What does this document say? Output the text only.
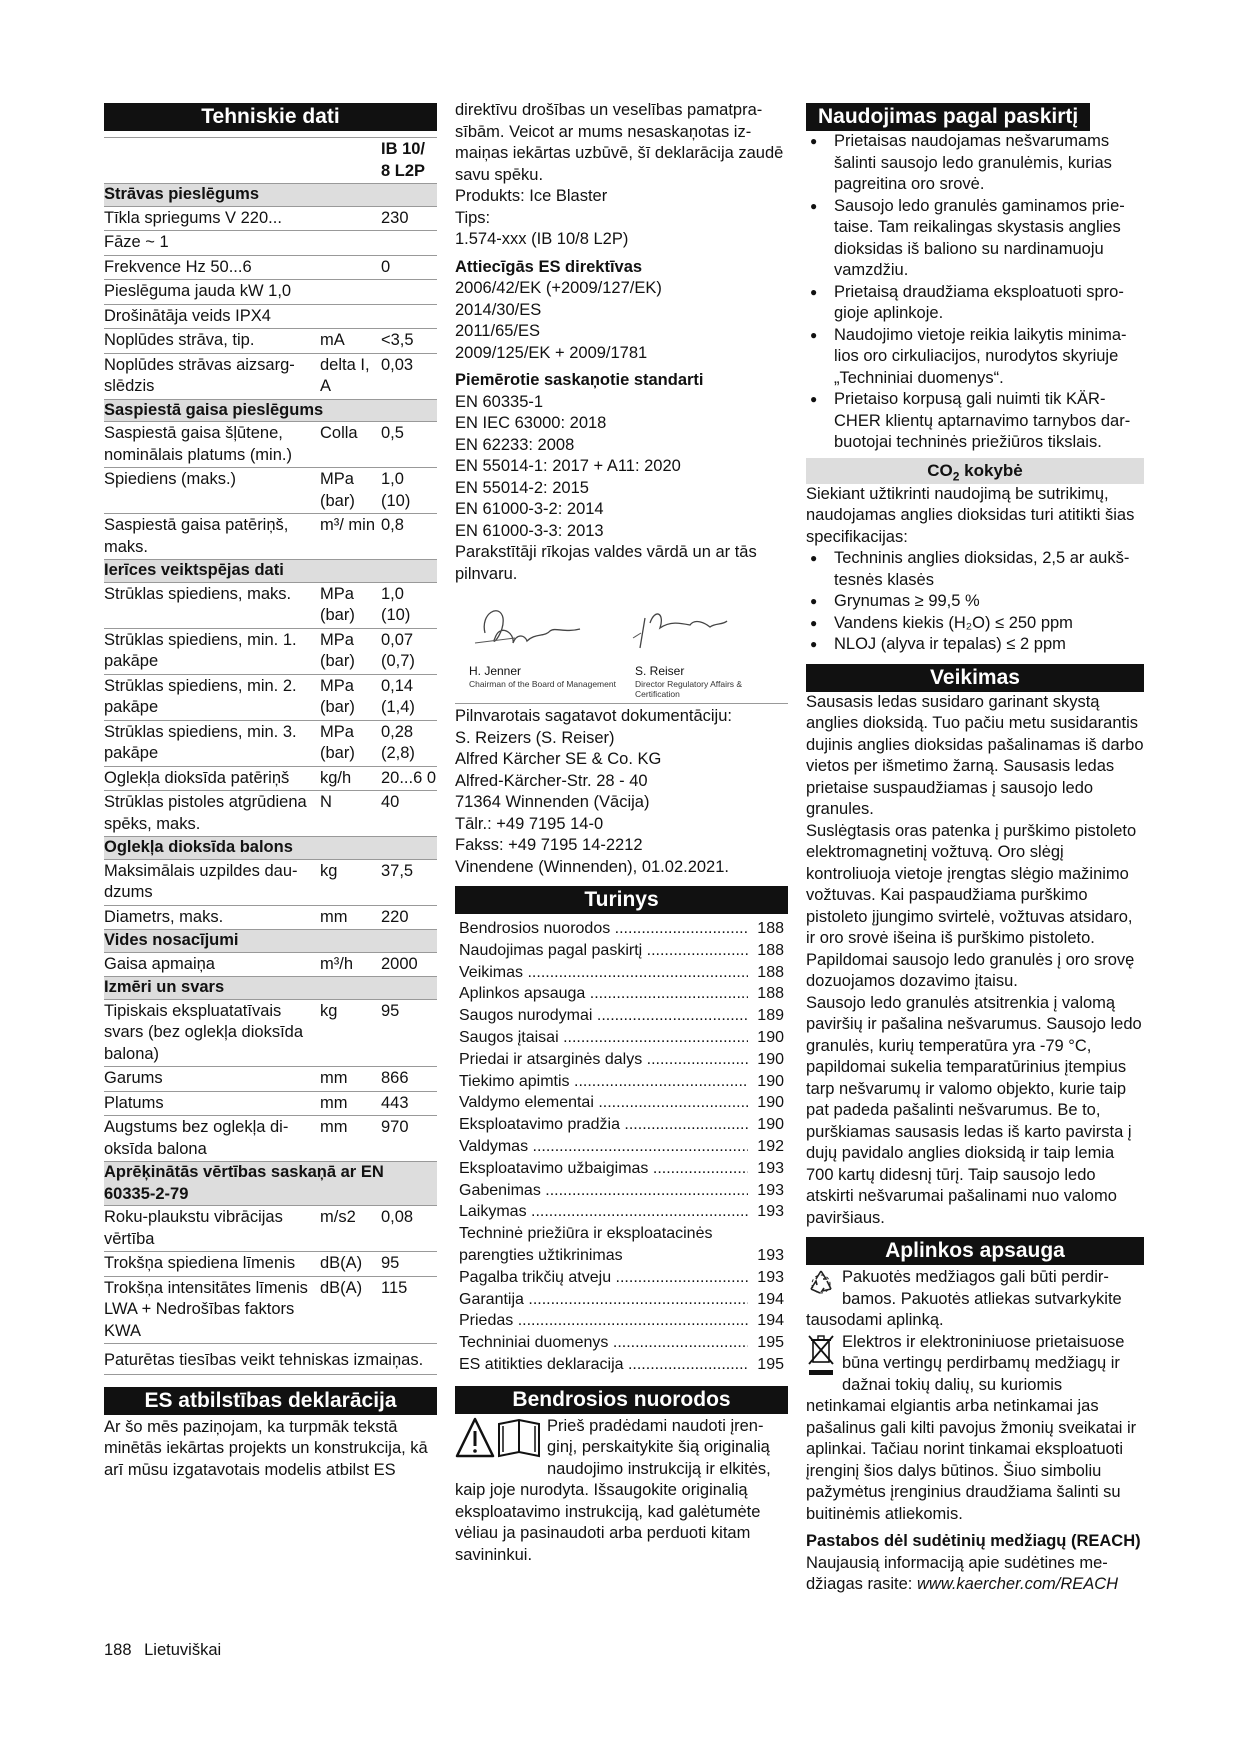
Tehniskie dati
		IB 10/ 8 L2P
Strāvas pieslēgums		
Tīkla spriegums V 220...		230
Fāze ~ 1		
Frekvence Hz 50...6		0
Pieslēguma jauda kW 1,0		
Drošinātāja veids IPX4		
Noplūdes strāva, tip.	mA	<3,5
Noplūdes strāvas aizsargslēdzis	delta I, A	0,03
Saspiestā gaisa pieslēgums		
Saspiestā gaisa šļūtene, nominālais platums (min.)	Colla	0,5
Spiediens (maks.)	MPa (bar)	1,0 (10)
Saspiestā gaisa patēriņš, maks.	m³/ min	0,8
Ierīces veiktspējas dati		
Strūklas spiediens, maks.	MPa (bar)	1,0 (10)
Strūklas spiediens, min. 1. pakāpe	MPa (bar)	0,07 (0,7)
Strūklas spiediens, min. 2. pakāpe	MPa (bar)	0,14 (1,4)
Strūklas spiediens, min. 3. pakāpe	MPa (bar)	0,28 (2,8)
Oglekļa dioksīda patēriņš	kg/h	20...6 0
Strūklas pistoles atgrūdiena spēks, maks.	N	40
Oglekļa dioksīda balons		
Maksimālais uzpildes daudzums	kg	37,5
Diametrs, maks.	mm	220
Vides nosacījumi		
Gaisa apmaiņa	m³/h	2000
Izmēri un svars		
Tipiskais ekspluatatīvais svars (bez oglekļa dioksīda balona)	kg	95
Garums	mm	866
Platums	mm	443
Augstums bez oglekļa dioksīda balona	mm	970
Aprēķinātās vērtības saskaņā ar EN 60335-2-79		
Roku-plaukstu vibrācijas vērtība	m/s2	0,08
Trokšņa spiediena līmenis	dB(A)	95
Trokšņa intensitātes līmenis LWA + Nedrošības faktors KWA	dB(A)	115

Paturētas tiesības veikt tehniskas izmaiņas.

ES atbilstības deklarācija

Ar šo mēs paziņojam, ka turpmāk tekstā minētās iekārtas projekts un konstrukcija, kā arī mūsu izgatavotais modelis atbilst ES

direktīvu drošības un veselības pamatprasībām. Veicot ar mums nesaskaņotas izmaiņas iekārtas uzbūvē, šī deklarācija zaudē savu spēku.

Produkts: Ice Blaster

Tips:

1.574-xxx (IB 10/8 L2P)

Attiecīgās ES direktīvas

2006/42/EK (+2009/127/EK)

2014/30/ES

2011/65/ES

2009/125/EK + 2009/1781

Piemērotie saskaņotie standarti

EN 60335-1

EN IEC 63000: 2018

EN 62233: 2008

EN 55014-1: 2017 + A11: 2020

EN 55014-2: 2015

EN 61000-3-2: 2014

EN 61000-3-3: 2013

Parakstītāji rīkojas valdes vārdā un ar tās pilnvaru.

H. Jenner
Chairman of the Board of Management
S. Reiser
Director Regulatory Affairs & Certification

Pilnvarotais sagatavot dokumentāciju:

S. Reizers (S. Reiser)

Alfred Kärcher SE & Co. KG

Alfred-Kärcher-Str. 28 - 40

71364 Winnenden (Vācija)

Tālr.: +49 7195 14-0

Fakss: +49 7195 14-2212

Vinendene (Winnenden), 01.02.2021.

Turinys
Bendrosios nuorodos .....	188
Naudojimas pagal paskirtį .....	188
Veikimas .....	188
Aplinkos apsauga .....	188
Saugos nurodymai .....	189
Saugos įtaisai .....	190
Priedai ir atsarginės dalys .....	190
Tiekimo apimtis .....	190
Valdymo elementai .....	190
Eksploatavimo pradžia .....	190
Valdymas .....	192
Eksploatavimo užbaigimas .....	193
Gabenimas .....	193
Laikymas .....	193
Techninė priežiūra ir eksploatacinės parengties užtikrinimas	193
Pagalba trikčių atveju .....	193
Garantija .....	194
Priedas .....	194
Techniniai duomenys .....	195
ES atitikties deklaracija .....	195
Bendrosios nuorodos

Prieš pradėdami naudoti įrenginį, perskaitykite šią originalią naudojimo instrukciją ir elkitės, kaip joje nurodyta. Išsaugokite originalią eksploatavimo instrukciją, kad galėtumėte vėliau ja pasinaudoti arba perduoti kitam savininkui.

Naudojimas pagal paskirtį
● Prietaisas naudojamas nešvarumams šalinti sausojo ledo granulėmis, kurias pagreitina oro srovė.
● Sausojo ledo granulės gaminamos prietaise. Tam reikalingas skystasis anglies dioksidas iš baliono su nardinamuoju vamzdžiu.
● Prietaisą draudžiama eksploatuoti sprogioje aplinkoje.
● Naudojimo vietoje reikia laikytis minimalios oro cirkuliacijos, nurodytos skyriuje „Techniniai duomenys“.
● Prietaiso korpusą gali nuimti tik KÄRCHER klientų aptarnavimo tarnybos darbuotojai techninės priežiūros tikslais.
$CO_2$ kokybė

Siekiant užtikrinti naudojimą be sutrikimų, naudojamas anglies dioksidas turi atitikti šias specifikacijas:

● Techninis anglies dioksidas, 2,5 ar aukštesnės klasės
● Grynumas ≥ 99,5 %
● Vandens kiekis (H₂O) ≤ 250 ppm
● NLOJ (alyva ir tepalas) ≤ 2 ppm
Veikimas

Sausasis ledas susidaro garinant skystą anglies dioksidą. Tuo pačiu metu susidarantis dujinis anglies dioksidas pašalinamas iš darbo vietos per išmetimo žarną. Sausasis ledas prietaise suspaudžiamas į sausojo ledo granules.

Suslėgtasis oras patenka į purškimo pistoleto elektromagnetinį vožtuvą. Oro slėgį kontroliuoja vietoje įrengtas slėgio mažinimo vožtuvas. Kai paspaudžiama purškimo pistoleto įjungimo svirtelė, vožtuvas atsidaro, ir oro srovė išeina iš purškimo pistoleto. Papildomai sausojo ledo granulės į oro srovę dozuojamos dozavimo įtaisu.

Sausojo ledo granulės atsitrenkia į valomą paviršių ir pašalina nešvarumus. Sausojo ledo granulės, kurių temperatūra yra -79 °C, papildomai sukelia temparatūrinius įtempius tarp nešvarumų ir valomo objekto, kurie taip pat padeda pašalinti nešvarumus. Be to, purškiamas sausasis ledas iš karto pavirsta į dujų pavidalo anglies dioksidą ir taip lemia 700 kartų didesnį tūrį. Taip sausojo ledo atskirti nešvarumai pašalinami nuo valomo paviršiaus.

Aplinkos apsauga

Pakuotės medžiagos gali būti perdirbamos. Pakuotės atliekas sutvarkykite tausodami aplinką.

Elektros ir elektroniniuose prietaisuose būna vertingų perdirbamų medžiagų ir dažnai tokių dalių, su kuriomis netinkamai elgiantis arba netinkamai jas pašalinus gali kilti pavojus žmonių sveikatai ir aplinkai. Tačiau norint tinkamai eksploatuoti įrenginį šios dalys būtinos. Šiuo simboliu pažymėtus įrenginius draudžiama šalinti su buitinėmis atliekomis.

Pastabos dėl sudėtinių medžiagų (REACH)

Naujausią informaciją apie sudėtines medžiagas rasite: www.kaercher.com/REACH

188 Lietuviškai
